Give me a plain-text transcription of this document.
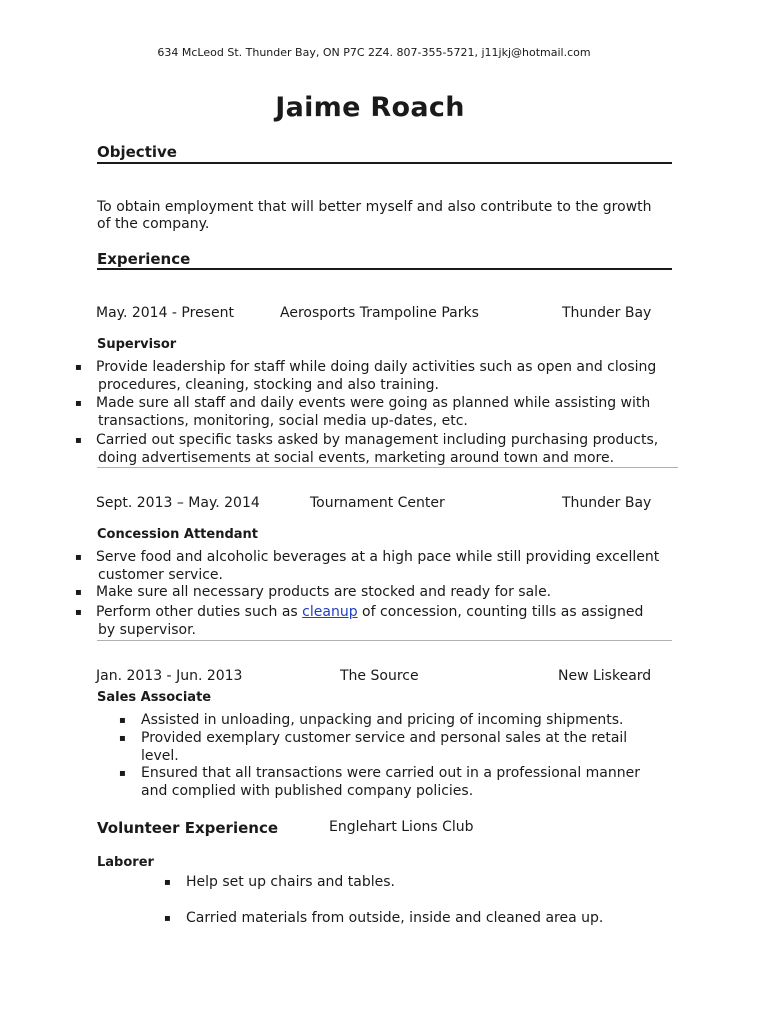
634 McLeod St. Thunder Bay, ON P7C 2Z4. 807-355-5721, j11jkj@hotmail.com
Jaime Roach
Objective
To obtain employment that will better myself and also contribute to the growth
of the company.
Experience
May. 2014 - Present	Aerosports Trampoline Parks	Thunder Bay
Supervisor
▪ Provide leadership for staff while doing daily activities such as open and closing
procedures, cleaning, stocking and also training.
▪ Made sure all staff and daily events were going as planned while assisting with
transactions, monitoring, social media up-dates, etc.
▪ Carried out specific tasks asked by management including purchasing products,
doing advertisements at social events, marketing around town and more.
Sept. 2013 – May. 2014	Tournament Center	Thunder Bay
Concession Attendant
▪ Serve food and alcoholic beverages at a high pace while still providing excellent
customer service.
▪ Make sure all necessary products are stocked and ready for sale.
▪ Perform other duties such as cleanup of concession, counting tills as assigned
by supervisor.
Jan. 2013 - Jun. 2013	The Source	New Liskeard
Sales Associate
▪ Assisted in unloading, unpacking and pricing of incoming shipments.
▪ Provided exemplary customer service and personal sales at the retail
level.
▪ Ensured that all transactions were carried out in a professional manner
and complied with published company policies.
Volunteer Experience	Englehart Lions Club
Laborer
▪ Help set up chairs and tables.
▪ Carried materials from outside, inside and cleaned area up.
